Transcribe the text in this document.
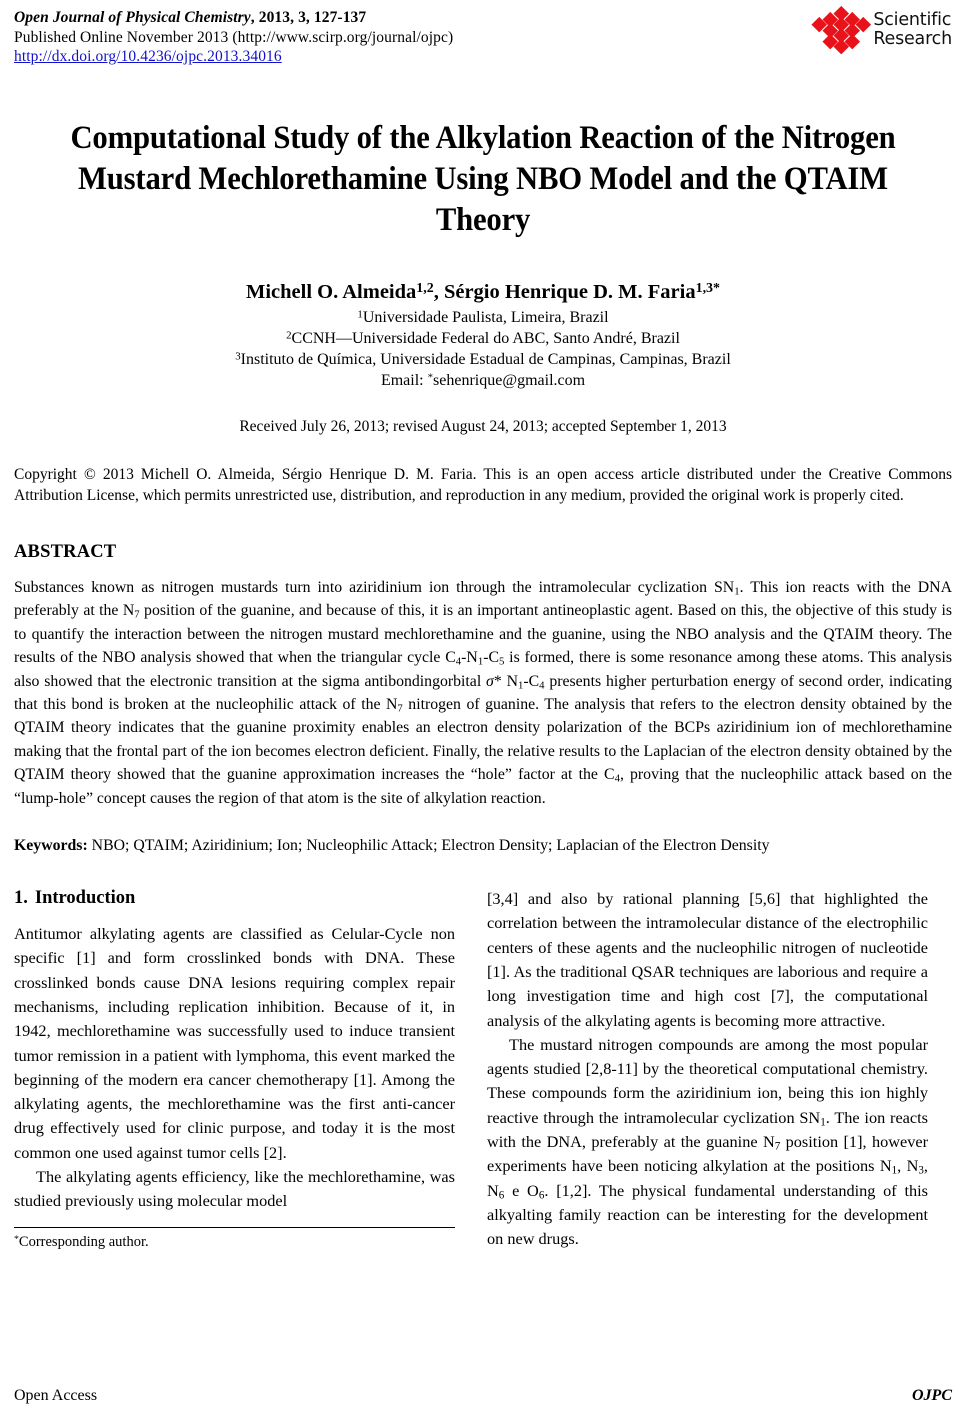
Open Journal of Physical Chemistry, 2013, 3, 127-137
Published Online November 2013 (http://www.scirp.org/journal/ojpc)
http://dx.doi.org/10.4236/ojpc.2013.34016
Scientific
Research
Computational Study of the Alkylation Reaction of the Nitrogen Mustard Mechlorethamine Using NBO Model and the QTAIM Theory
Michell O. Almeida$^{1,2}$, Sérgio Henrique D. M. Faria$^{1,3*}$
$^1$Universidade Paulista, Limeira, Brazil
$^2$CCNH—Universidade Federal do ABC, Santo André, Brazil
$^3$Instituto de Química, Universidade Estadual de Campinas, Campinas, Brazil
Email: *sehenrique@gmail.com
Received July 26, 2013; revised August 24, 2013; accepted September 1, 2013
Copyright © 2013 Michell O. Almeida, Sérgio Henrique D. M. Faria. This is an open access article distributed under the Creative Commons Attribution License, which permits unrestricted use, distribution, and reproduction in any medium, provided the original work is properly cited.
ABSTRACT
Substances known as nitrogen mustards turn into aziridinium ion through the intramolecular cyclization $SN_1$. This ion reacts with the DNA preferably at the $N_7$ position of the guanine, and because of this, it is an important antineoplastic agent. Based on this, the objective of this study is to quantify the interaction between the nitrogen mustard mechlorethamine and the guanine, using the NBO analysis and the QTAIM theory. The results of the NBO analysis showed that when the triangular cycle $C_4-N_1-C_5$ is formed, there is some resonance among these atoms. This analysis also showed that the electronic transition at the sigma antibondingorbital σ* $N_1-C_4$ presents higher perturbation energy of second order, indicating that this bond is broken at the nucleophilic attack of the $N_7$ nitrogen of guanine. The analysis that refers to the electron density obtained by the QTAIM theory indicates that the guanine proximity enables an electron density polarization of the BCPs aziridinium ion of mechlorethamine making that the frontal part of the ion becomes electron deficient. Finally, the relative results to the Laplacian of the electron density obtained by the QTAIM theory showed that the guanine approximation increases the “hole” factor at the $C_4$, proving that the nucleophilic attack based on the “lump-hole” concept causes the region of that atom is the site of alkylation reaction.
Keywords: NBO; QTAIM; Aziridinium; Ion; Nucleophilic Attack; Electron Density; Laplacian of the Electron Density
1. Introduction

Antitumor alkylating agents are classified as Celular-Cycle non specific [1] and form crosslinked bonds with DNA. These crosslinked bonds cause DNA lesions requiring complex repair mechanisms, including replication inhibition. Because of it, in 1942, mechlorethamine was successfully used to induce transient tumor remission in a patient with lymphoma, this event marked the beginning of the modern era cancer chemotherapy [1]. Among the alkylating agents, the mechlorethamine was the first anti-cancer drug effectively used for clinic purpose, and today it is the most common one used against tumor cells [2].

The alkylating agents efficiency, like the mechlorethamine, was studied previously using molecular model

*Corresponding author.

[3,4] and also by rational planning [5,6] that highlighted the correlation between the intramolecular distance of the electrophilic centers of these agents and the nucleophilic nitrogen of nucleotide [1]. As the traditional QSAR techniques are laborious and require a long investigation time and high cost [7], the computational analysis of the alkylating agents is becoming more attractive.

The mustard nitrogen compounds are among the most popular agents studied [2,8-11] by the theoretical computational chemistry. These compounds form the aziridinium ion, being this ion highly reactive through the intramolecular cyclization $SN_1$. The ion reacts with the DNA, preferably at the guanine $N_7$ position [1], however experiments have been noticing alkylation at the positions $N_1$, $N_3$, $N_6$ e $O_6$. [1,2]. The physical fundamental understanding of this alkyalting family reaction can be interesting for the development on new drugs.

Open Access	OJPC
